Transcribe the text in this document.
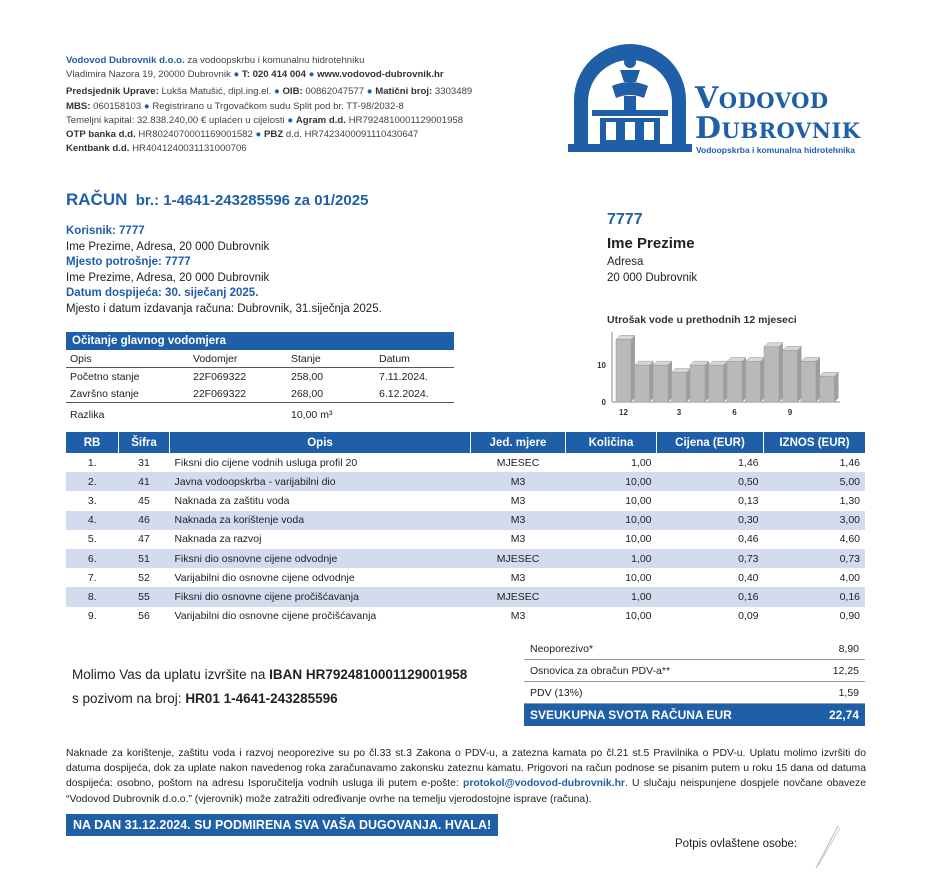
Vodovod Dubrovnik d.o.o. za vodoopskrbu i komunalnu hidrotehniku
Vladimira Nazora 19, 20000 Dubrovnik ● T: 020 414 004 ● www.vodovod-dubrovnik.hr
Predsjednik Uprave: Lukša Matušić, dipl.ing.el. ● OIB: 00862047577 ● Matični broj: 3303489
MBS: 060158103 ● Registrirano u Trgovačkom sudu Split pod br. TT-98/2032-8
Temeljni kapital: 32.838.240,00 € uplaćen u cijelosti ● Agram d.d. HR7924810001129001958
OTP banka d.d. HR8024070001169001582 ● PBZ d.d. HR7423400091110430647
Kentbank d.d. HR4041240031131000706
Vodovod
Dubrovnik
Vodoopskrba i komunalna hidrotehnika
RAČUN br.: 1-4641-243285596 za 01/2025
Korisnik: 7777
Ime Prezime, Adresa, 20 000 Dubrovnik
Mjesto potrošnje: 7777
Ime Prezime, Adresa, 20 000 Dubrovnik
Datum dospijeća: 30. siječanj 2025.
Mjesto i datum izdavanja računa: Dubrovnik, 31.siječnja 2025.
7777
Ime Prezime
Adresa
20 000 Dubrovnik
Očitanje glavnog vodomjera
Opis	Vodomjer	Stanje	Datum
Početno stanje	22F069322	258,00	7.11.2024.
Završno stanje	22F069322	268,00	6.12.2024.
Razlika		10,00 m³	
Utrošak vode u prethodnih 12 mjeseci
0
10
12	3	6	9
RB	Šifra	Opis	Jed. mjere	Količina	Cijena (EUR)	IZNOS (EUR)
1.	31	Fiksni dio cijene vodnih usluga profil 20	MJESEC	1,00	1,46	1,46
2.	41	Javna vodoopskrba - varijabilni dio	M3	10,00	0,50	5,00
3.	45	Naknada za zaštitu voda	M3	10,00	0,13	1,30
4.	46	Naknada za korištenje voda	M3	10,00	0,30	3,00
5.	47	Naknada za razvoj	M3	10,00	0,46	4,60
6.	51	Fiksni dio osnovne cijene odvodnje	MJESEC	1,00	0,73	0,73
7.	52	Varijabilni dio osnovne cijene odvodnje	M3	10,00	0,40	4,00
8.	55	Fiksni dio osnovne cijene pročišćavanja	MJESEC	1,00	0,16	0,16
9.	56	Varijabilni dio osnovne cijene pročišćavanja	M3	10,00	0,09	0,90
Molimo Vas da uplatu izvršite na IBAN HR7924810001129001958
s pozivom na broj: HR01 1-4641-243285596
Neoporezivo*	8,90
Osnovica za obračun PDV-a**	12,25
PDV (13%)	1,59
SVEUKUPNA SVOTA RAČUNA EUR	22,74
Naknade za korištenje, zaštitu voda i razvoj neoporezive su po čl.33 st.3 Zakona o PDV-u, a zatezna kamata po čl.21 st.5 Pravilnika o PDV-u. Uplatu molimo izvršiti do datuma dospijeća, dok za uplate nakon navedenog roka zaračunavamo zakonsku zateznu kamatu. Prigovori na račun podnose se pisanim putem u roku 15 dana od datuma dospijeća: osobno, poštom na adresu Isporučitelja vodnih usluga ili putem e-pošte: protokol@vodovod-dubrovnik.hr. U slučaju neispunjene dospjele novčane obaveze “Vodovod Dubrovnik d.o.o.” (vjerovnik) može zatražiti određivanje ovrhe na temelju vjerodostojne isprave (računa).
NA DAN 31.12.2024. SU PODMIRENA SVA VAŠA DUGOVANJA. HVALA!
Potpis ovlaštene osobe:
